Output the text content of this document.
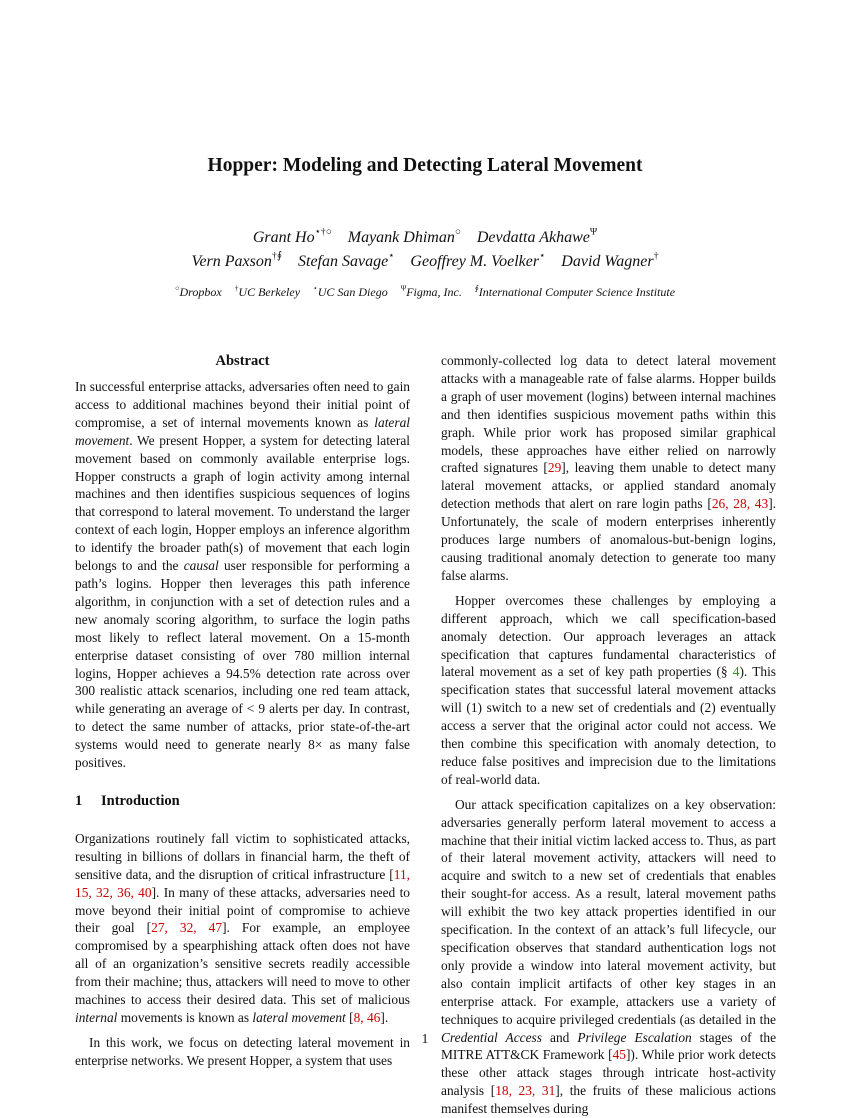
Hopper: Modeling and Detecting Lateral Movement
Grant Ho⋆†○ Mayank Dhiman○ Devdatta Akhawe$^\Psi$
Vern Paxson†∮ Stefan Savage⋆ Geoffrey M. Voelker⋆ David Wagner†
○Dropbox †UC Berkeley ⋆UC San Diego $^\Psi$Figma, Inc. ∮International Computer Science Institute
Abstract

In successful enterprise attacks, adversaries often need to gain access to additional machines beyond their initial point of compromise, a set of internal movements known as lateral movement. We present Hopper, a system for detecting lateral movement based on commonly available enterprise logs. Hopper constructs a graph of login activity among internal machines and then identifies suspicious sequences of logins that correspond to lateral movement. To understand the larger context of each login, Hopper employs an inference algorithm to identify the broader path(s) of movement that each login belongs to and the causal user responsible for performing a path’s logins. Hopper then leverages this path inference algorithm, in conjunction with a set of detection rules and a new anomaly scoring algorithm, to surface the login paths most likely to reflect lateral movement. On a 15-month enterprise dataset consisting of over 780 million internal logins, Hopper achieves a 94.5% detection rate across over 300 realistic attack scenarios, including one red team attack, while generating an average of < 9 alerts per day. In contrast, to detect the same number of attacks, prior state-of-the-art systems would need to generate nearly 8× as many false positives.

1 Introduction

Organizations routinely fall victim to sophisticated attacks, resulting in billions of dollars in financial harm, the theft of sensitive data, and the disruption of critical infrastructure [11, 15, 32, 36, 40]. In many of these attacks, adversaries need to move beyond their initial point of compromise to achieve their goal [27, 32, 47]. For example, an employee compromised by a spearphishing attack often does not have all of an organization’s sensitive secrets readily accessible from their machine; thus, attackers will need to move to other machines to access their desired data. This set of malicious internal movements is known as lateral movement [8, 46].

In this work, we focus on detecting lateral movement in enterprise networks. We present Hopper, a system that uses

commonly-collected log data to detect lateral movement attacks with a manageable rate of false alarms. Hopper builds a graph of user movement (logins) between internal machines and then identifies suspicious movement paths within this graph. While prior work has proposed similar graphical models, these approaches have either relied on narrowly crafted signatures [29], leaving them unable to detect many lateral movement attacks, or applied standard anomaly detection methods that alert on rare login paths [26, 28, 43]. Unfortunately, the scale of modern enterprises inherently produces large numbers of anomalous-but-benign logins, causing traditional anomaly detection to generate too many false alarms.

Hopper overcomes these challenges by employing a different approach, which we call specification-based anomaly detection. Our approach leverages an attack specification that captures fundamental characteristics of lateral movement as a set of key path properties (§ 4). This specification states that successful lateral movement attacks will (1) switch to a new set of credentials and (2) eventually access a server that the original actor could not access. We then combine this specification with anomaly detection, to reduce false positives and imprecision due to the limitations of real-world data.

Our attack specification capitalizes on a key observation: adversaries generally perform lateral movement to access a machine that their initial victim lacked access to. Thus, as part of their lateral movement activity, attackers will need to acquire and switch to a new set of credentials that enables their sought-for access. As a result, lateral movement paths will exhibit the two key attack properties identified in our specification. In the context of an attack’s full lifecycle, our specification observes that standard authentication logs not only provide a window into lateral movement activity, but also contain implicit artifacts of other key stages in an enterprise attack. For example, attackers use a variety of techniques to acquire privileged credentials (as detailed in the Credential Access and Privilege Escalation stages of the MITRE ATT&CK Framework [45]). While prior work detects these other attack stages through intricate host-activity analysis [18, 23, 31], the fruits of these malicious actions manifest themselves during

1
